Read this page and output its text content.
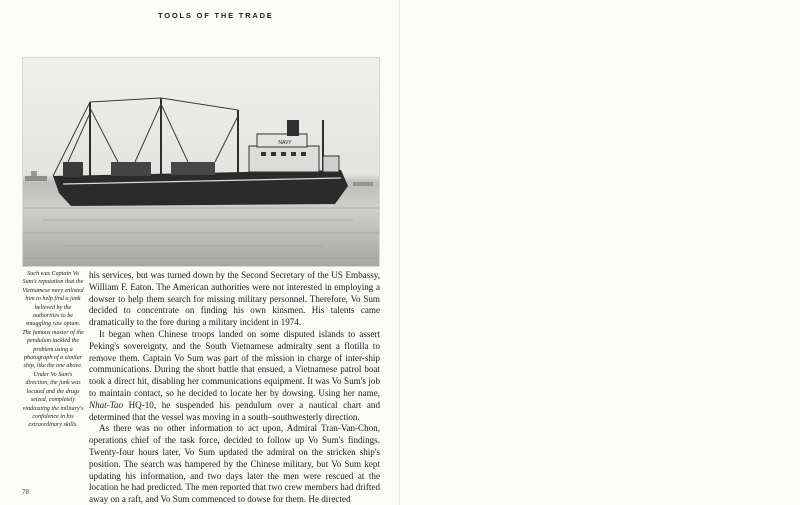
TOOLS OF THE TRADE
NAVY
Such was Captain Vo Sum's reputation that the Vietnamese navy enlisted him to help find a junk believed by the authorities to be smuggling raw opium. The famous master of the pendulum tackled the problem using a photograph of a similar ship, like the one above. Under Vo Sum's direction, the junk was located and the drugs seized, completely vindicating the military's confidence in his extraordinary skills.

his services, but was turned down by the Second Secretary of the US Embassy, William F. Eaton. The American authorities were not interested in employing a dowser to help them search for missing military personnel. Therefore, Vo Sum decided to concentrate on finding his own kinsmen. His talents came dramatically to the fore during a military incident in 1974.

It began when Chinese troops landed on some disputed islands to assert Peking's sovereignty, and the South Vietnamese admiralty sent a flotilla to remove them. Captain Vo Sum was part of the mission in charge of inter-ship communications. During the short battle that ensued, a Vietnamese patrol boat took a direct hit, disabling her communications equipment. It was Vo Sum's job to maintain contact, so he decided to locate her by dowsing. Using her name, Nhat-Tao HQ-10, he suspended his pendulum over a nautical chart and determined that the vessel was moving in a south–southwesterly direction.

As there was no other information to act upon, Admiral Tran-Van-Chon, operations chief of the task force, decided to follow up Vo Sum's findings. Twenty-four hours later, Vo Sum updated the admiral on the stricken ship's position. The search was hampered by the Chinese military, but Vo Sum kept updating his information, and two days later the men were rescued at the location he had predicted. The men reported that two crew members had drifted away on a raft, and Vo Sum commenced to dowse for them. He directed

78
